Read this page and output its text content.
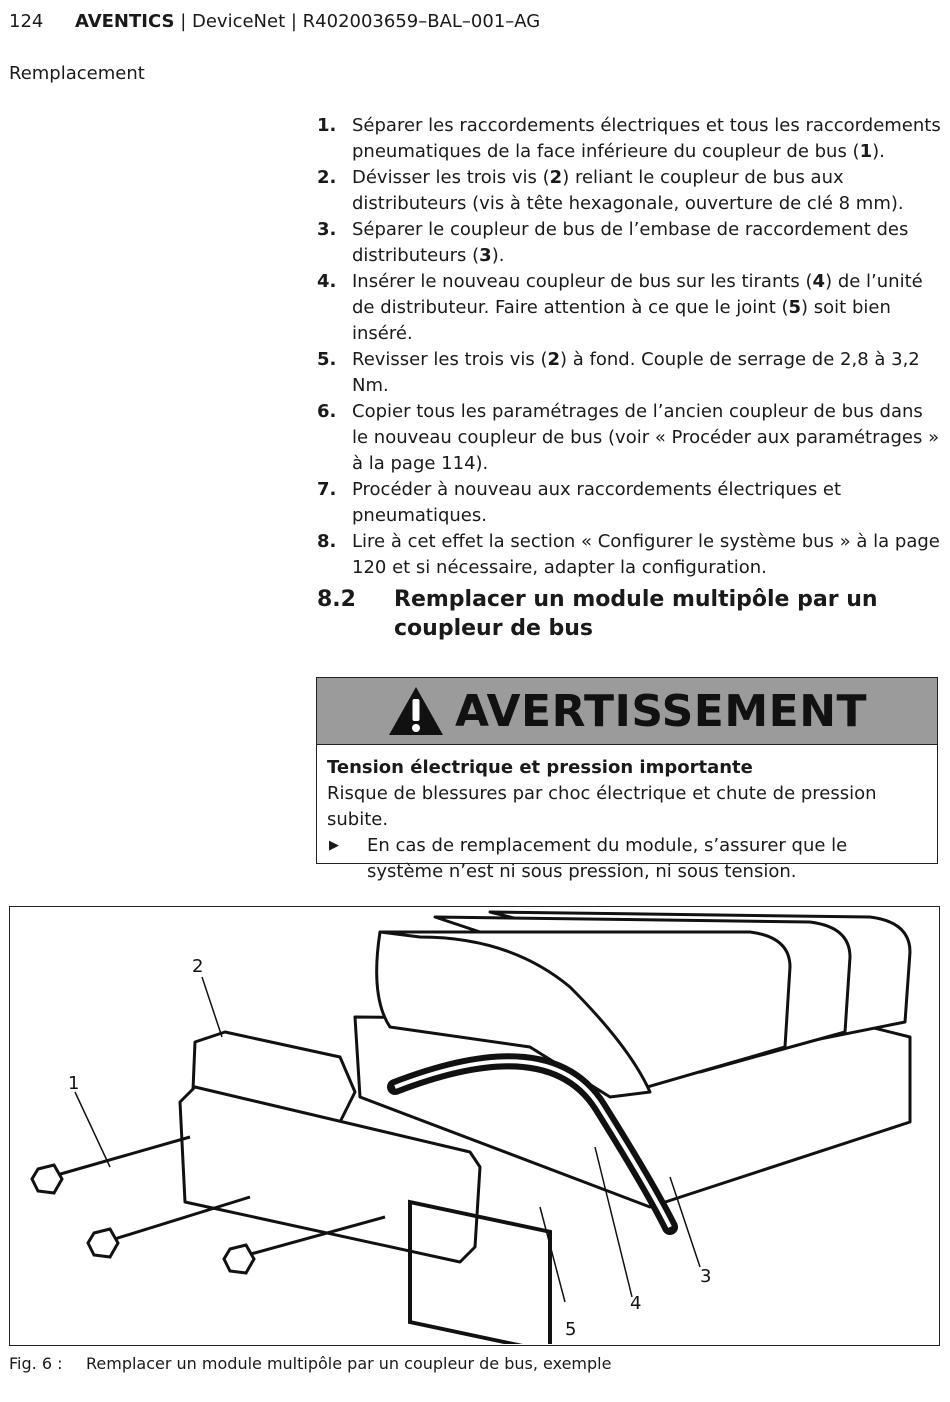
124 AVENTICS | DeviceNet | R402003659–BAL–001–AG
Remplacement
1. Séparer les raccordements électriques et tous les raccordements pneumatiques de la face inférieure du coupleur de bus (1).
2. Dévisser les trois vis (2) reliant le coupleur de bus aux distributeurs (vis à tête hexagonale, ouverture de clé 8 mm).
3. Séparer le coupleur de bus de l’embase de raccordement des distributeurs (3).
4. Insérer le nouveau coupleur de bus sur les tirants (4) de l’unité de distributeur. Faire attention à ce que le joint (5) soit bien inséré.
5. Revisser les trois vis (2) à fond. Couple de serrage de 2,8 à 3,2 Nm.
6. Copier tous les paramétrages de l’ancien coupleur de bus dans le nouveau coupleur de bus (voir « Procéder aux paramétrages » à la page 114).
7. Procéder à nouveau aux raccordements électriques et pneumatiques.
8. Lire à cet effet la section « Configurer le système bus » à la page 120 et si nécessaire, adapter la configuration.
8.2 Remplacer un module multipôle par un coupleur de bus
AVERTISSEMENT
Tension électrique et pression importante
Risque de blessures par choc électrique et chute de pression subite.
▶ En cas de remplacement du module, s’assurer que le système n’est ni sous pression, ni sous tension.
1
2
3
4
5
Fig. 6 : Remplacer un module multipôle par un coupleur de bus, exemple
